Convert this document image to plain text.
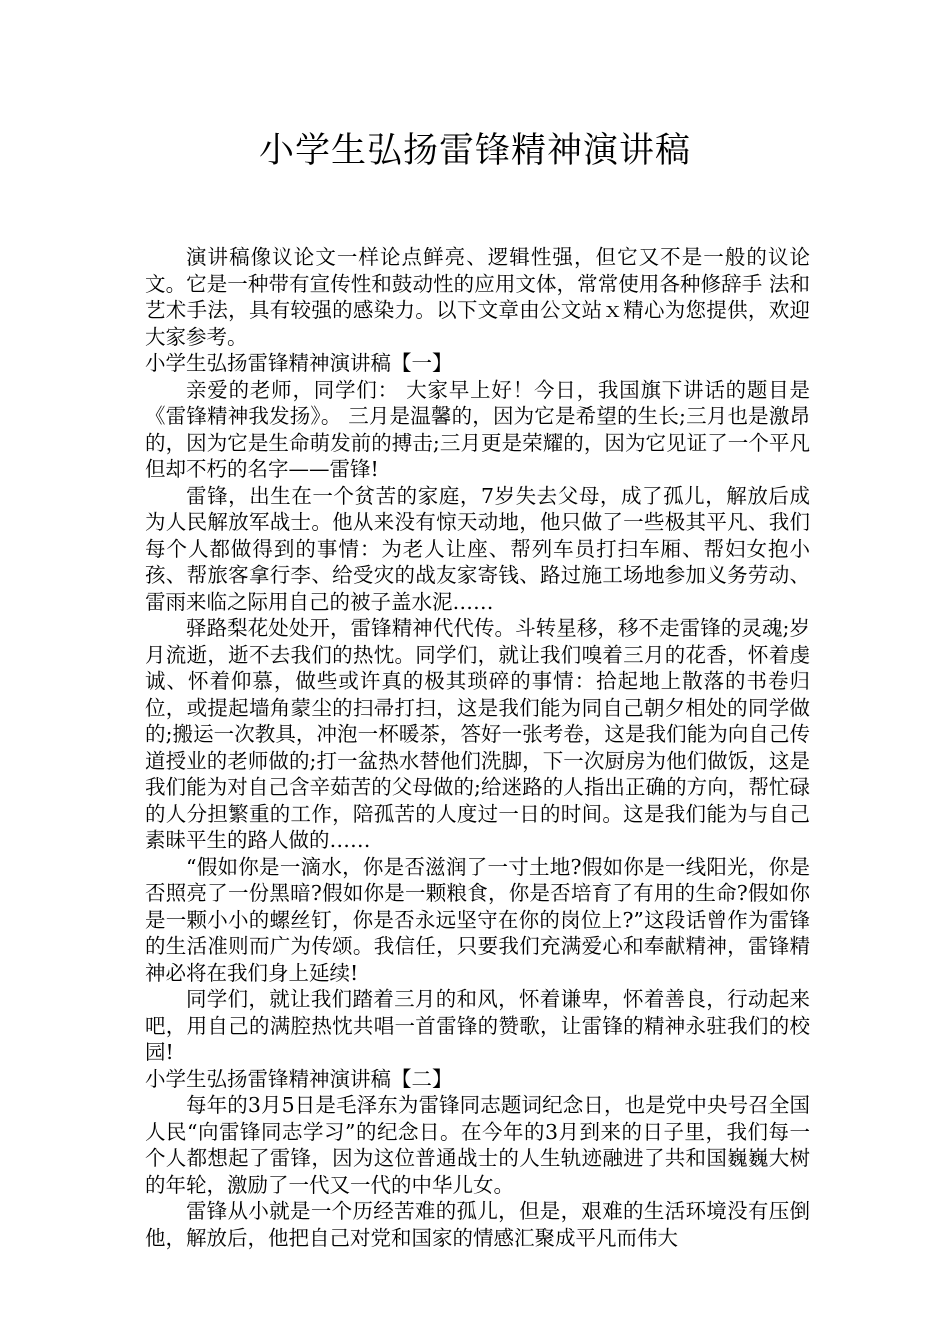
小学生弘扬雷锋精神演讲稿

演讲稿像议论文一样论点鲜亮、逻辑性强，但它又不是一般的议论文。它是一种带有宣传性和鼓动性的应用文体，常常使用各种修辞手 法和艺术手法，具有较强的感染力。以下文章由公文站ｘ精心为您提供，欢迎大家参考。

小学生弘扬雷锋精神演讲稿【一】

亲爱的老师，同学们： 大家早上好！今日，我国旗下讲话的题目是《雷锋精神我发扬》。 三月是温馨的，因为它是希望的生长;三月也是激昂的，因为它是生命萌发前的搏击;三月更是荣耀的，因为它见证了一个平凡但却不朽的名字——雷锋!

雷锋，出生在一个贫苦的家庭，7岁失去父母，成了孤儿，解放后成为人民解放军战士。他从来没有惊天动地，他只做了一些极其平凡、我们每个人都做得到的事情：为老人让座、帮列车员打扫车厢、帮妇女抱小孩、帮旅客拿行李、给受灾的战友家寄钱、路过施工场地参加义务劳动、雷雨来临之际用自己的被子盖水泥……

驿路梨花处处开，雷锋精神代代传。斗转星移，移不走雷锋的灵魂;岁月流逝，逝不去我们的热忱。同学们，就让我们嗅着三月的花香，怀着虔诚、怀着仰慕，做些或许真的极其琐碎的事情：拾起地上散落的书卷归位，或提起墙角蒙尘的扫帚打扫，这是我们能为同自己朝夕相处的同学做的;搬运一次教具，冲泡一杯暖茶，答好一张考卷，这是我们能为向自己传道授业的老师做的;打一盆热水替他们洗脚，下一次厨房为他们做饭，这是我们能为对自己含辛茹苦的父母做的;给迷路的人指出正确的方向，帮忙碌的人分担繁重的工作，陪孤苦的人度过一日的时间。这是我们能为与自己素昧平生的路人做的……

“假如你是一滴水，你是否滋润了一寸土地?假如你是一线阳光，你是否照亮了一份黑暗?假如你是一颗粮食，你是否培育了有用的生命?假如你是一颗小小的螺丝钉，你是否永远坚守在你的岗位上?”这段话曾作为雷锋的生活准则而广为传颂。我信任，只要我们充满爱心和奉献精神，雷锋精神必将在我们身上延续!

同学们，就让我们踏着三月的和风，怀着谦卑，怀着善良，行动起来吧，用自己的满腔热忱共唱一首雷锋的赞歌，让雷锋的精神永驻我们的校园!

小学生弘扬雷锋精神演讲稿【二】

每年的3月5日是毛泽东为雷锋同志题词纪念日，也是党中央号召全国人民“向雷锋同志学习”的纪念日。在今年的3月到来的日子里，我们每一个人都想起了雷锋，因为这位普通战士的人生轨迹融进了共和国巍巍大树的年轮，激励了一代又一代的中华儿女。

雷锋从小就是一个历经苦难的孤儿，但是，艰难的生活环境没有压倒他，解放后，他把自己对党和国家的情感汇聚成平凡而伟大
